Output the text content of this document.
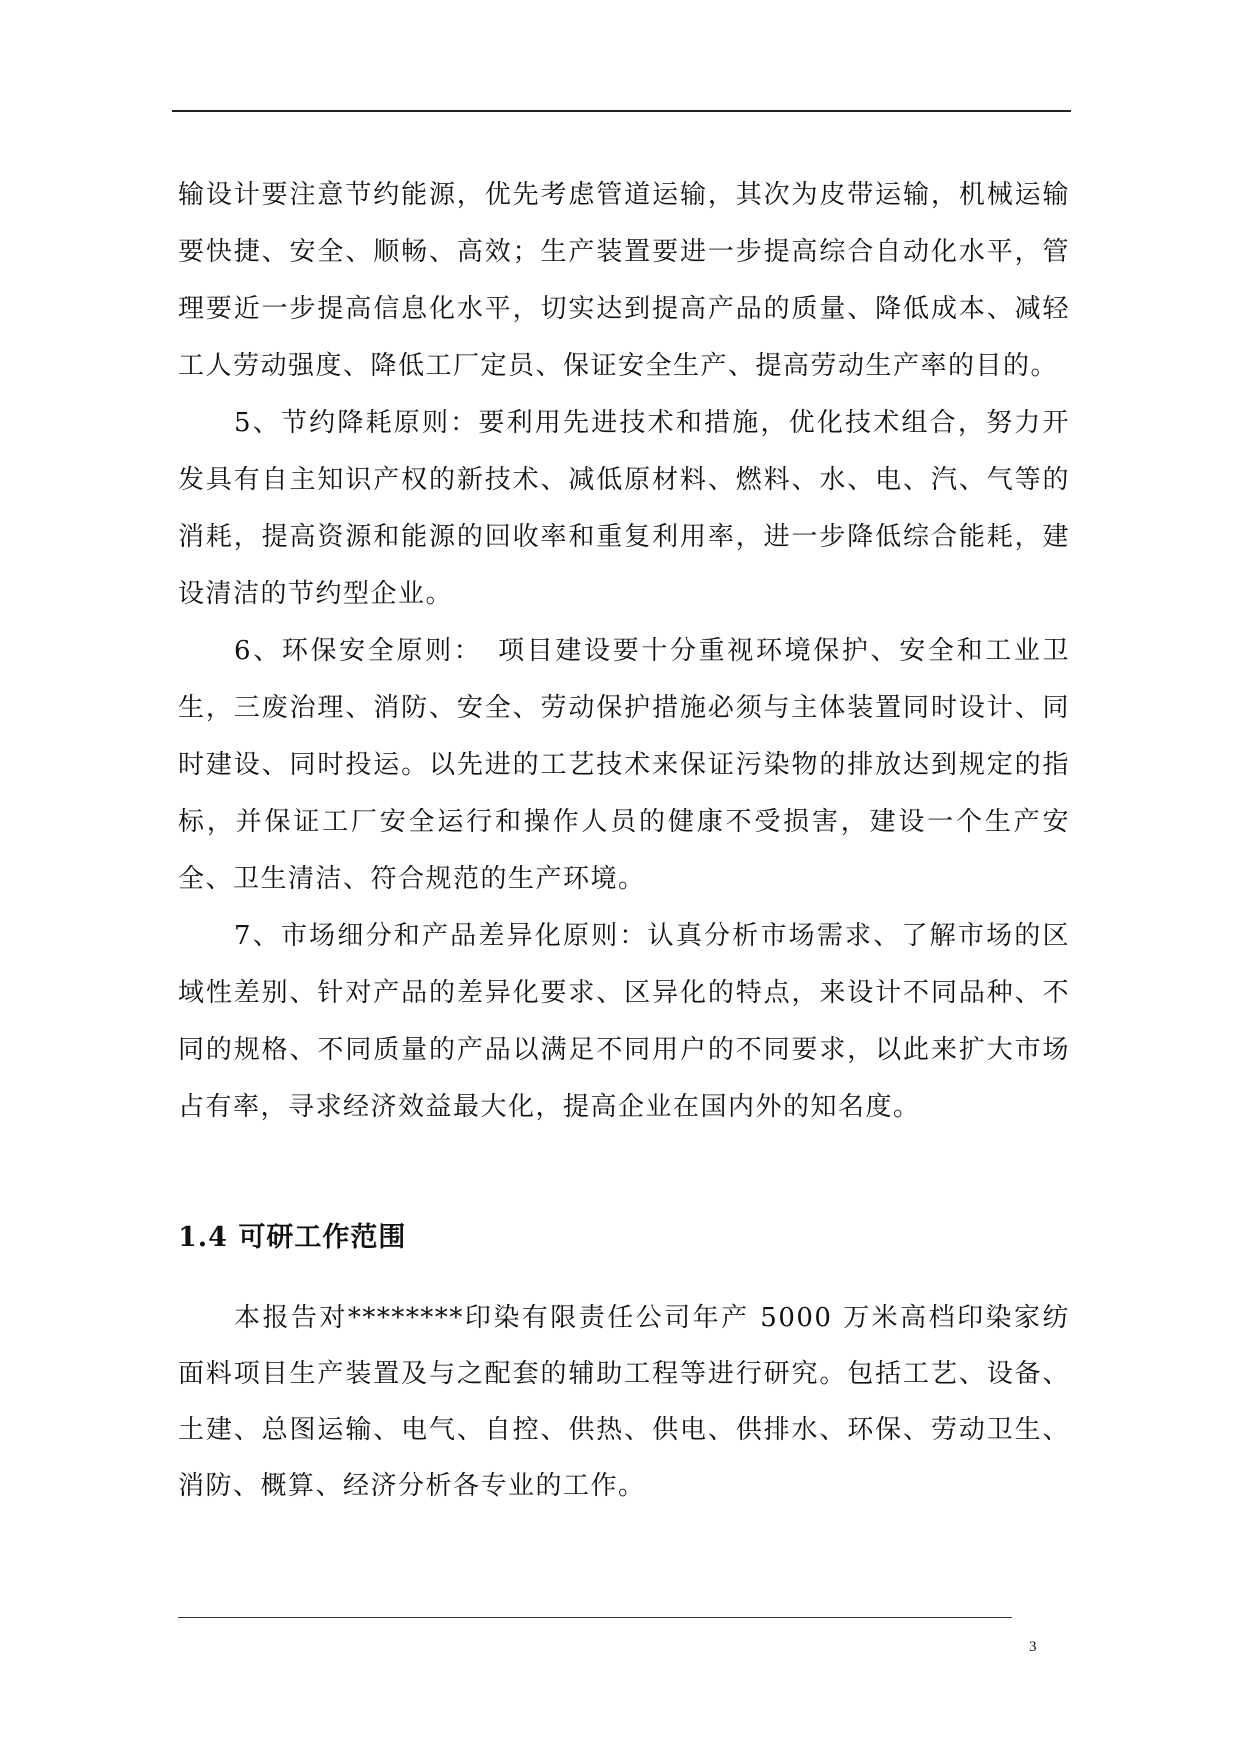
输设计要注意节约能源，优先考虑管道运输，其次为皮带运输，机械运输要快捷、安全、顺畅、高效；生产装置要进一步提高综合自动化水平，管理要近一步提高信息化水平，切实达到提高产品的质量、降低成本、减轻工人劳动强度、降低工厂定员、保证安全生产、提高劳动生产率的目的。

5、节约降耗原则：要利用先进技术和措施，优化技术组合，努力开发具有自主知识产权的新技术、减低原材料、燃料、水、电、汽、气等的消耗，提高资源和能源的回收率和重复利用率，进一步降低综合能耗，建设清洁的节约型企业。

6、环保安全原则：　项目建设要十分重视环境保护、安全和工业卫生，三废治理、消防、安全、劳动保护措施必须与主体装置同时设计、同时建设、同时投运。以先进的工艺技术来保证污染物的排放达到规定的指标，并保证工厂安全运行和操作人员的健康不受损害，建设一个生产安全、卫生清洁、符合规范的生产环境。

7、市场细分和产品差异化原则：认真分析市场需求、了解市场的区域性差别、针对产品的差异化要求、区异化的特点，来设计不同品种、不同的规格、不同质量的产品以满足不同用户的不同要求，以此来扩大市场占有率，寻求经济效益最大化，提高企业在国内外的知名度。

1.4 可研工作范围

本报告对********印染有限责任公司年产 5000 万米高档印染家纺面料项目生产装置及与之配套的辅助工程等进行研究。包括工艺、设备、土建、总图运输、电气、自控、供热、供电、供排水、环保、劳动卫生、消防、概算、经济分析各专业的工作。

3
